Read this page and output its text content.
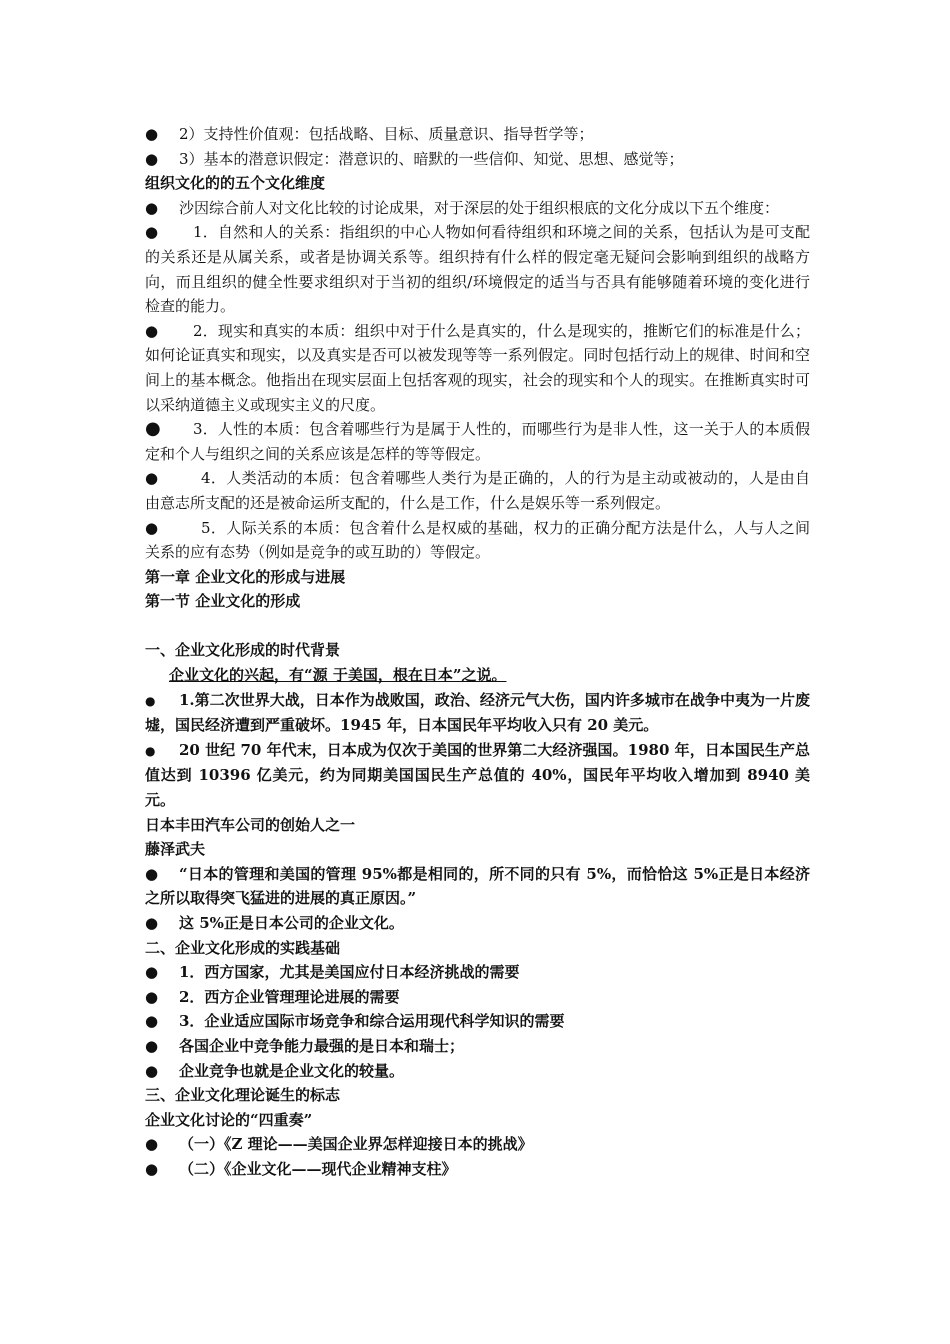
● 2）支持性价值观：包括战略、目标、质量意识、指导哲学等；

● 3）基本的潜意识假定：潜意识的、暗默的一些信仰、知觉、思想、感觉等；

组织文化的的五个文化维度

● 沙因综合前人对文化比较的讨论成果，对于深层的处于组织根底的文化分成以下五个维度：

● 1．自然和人的关系：指组织的中心人物如何看待组织和环境之间的关系，包括认为是可支配的关系还是从属关系，或者是协调关系等。组织持有什么样的假定毫无疑问会影响到组织的战略方向，而且组织的健全性要求组织对于当初的组织/环境假定的适当与否具有能够随着环境的变化进行检查的能力。

● 2．现实和真实的本质：组织中对于什么是真实的，什么是现实的，推断它们的标准是什么；如何论证真实和现实，以及真实是否可以被发现等等一系列假定。同时包括行动上的规律、时间和空间上的基本概念。他指出在现实层面上包括客观的现实，社会的现实和个人的现实。在推断真实时可以采纳道德主义或现实主义的尺度。

● 3．人性的本质：包含着哪些行为是属于人性的，而哪些行为是非人性，这一关于人的本质假定和个人与组织之间的关系应该是怎样的等等假定。

●	4．人类活动的本质：包含着哪些人类行为是正确的，人的行为是主动或被动的，人是由自由意志所支配的还是被命运所支配的，什么是工作，什么是娱乐等一系列假定。

●	5．人际关系的本质：包含着什么是权威的基础，权力的正确分配方法是什么，人与人之间关系的应有态势（例如是竞争的或互助的）等假定。

第一章 企业文化的形成与进展

第一节 企业文化的形成

一、企业文化形成的时代背景

企业文化的兴起，有“源 于美国，根在日本”之说。

● 1.第二次世界大战，日本作为战败国，政治、经济元气大伤，国内许多城市在战争中夷为一片废墟，国民经济遭到严重破坏。1945 年，日本国民年平均收入只有 20 美元。

● 20 世纪 70 年代末，日本成为仅次于美国的世界第二大经济强国。1980 年，日本国民生产总值达到 10396 亿美元，约为同期美国国民生产总值的 40%，国民年平均收入增加到 8940 美元。

日本丰田汽车公司的创始人之一

藤泽武夫

● “日本的管理和美国的管理 95%都是相同的，所不同的只有 5%，而恰恰这 5%正是日本经济之所以取得突飞猛进的进展的真正原因。”

● 这 5%正是日本公司的企业文化。

二、企业文化形成的实践基础

● 1．西方国家，尤其是美国应付日本经济挑战的需要

● 2．西方企业管理理论进展的需要

● 3．企业适应国际市场竞争和综合运用现代科学知识的需要

● 各国企业中竞争能力最强的是日本和瑞士；

● 企业竞争也就是企业文化的较量。

三、企业文化理论诞生的标志

企业文化讨论的“四重奏”

● （一）《Z 理论——美国企业界怎样迎接日本的挑战》

● （二）《企业文化——现代企业精神支柱》
